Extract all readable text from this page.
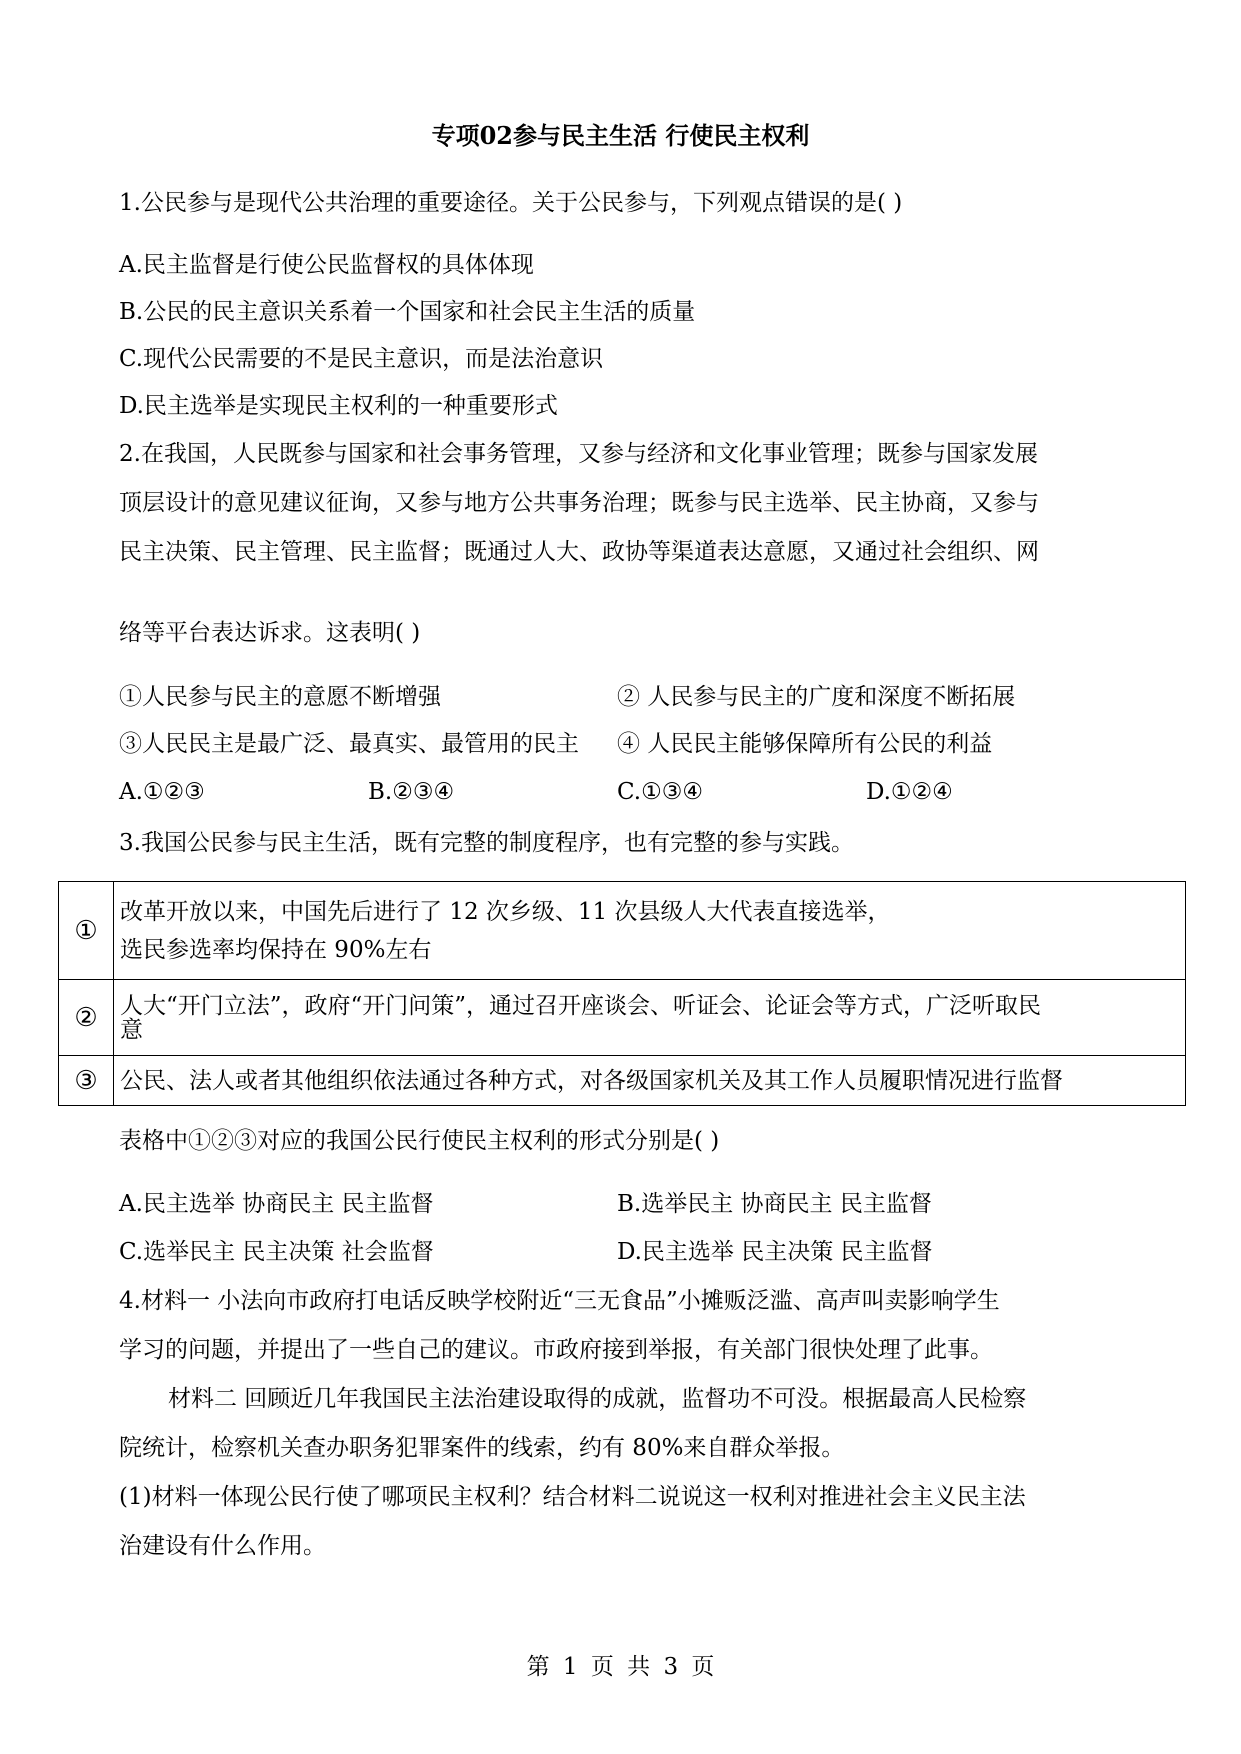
专项02参与民主生活 行使民主权利
1.公民参与是现代公共治理的重要途径。关于公民参与，下列观点错误的是( )
A.民主监督是行使公民监督权的具体体现
B.公民的民主意识关系着一个国家和社会民主生活的质量
C.现代公民需要的不是民主意识，而是法治意识
D.民主选举是实现民主权利的一种重要形式
2.在我国，人民既参与国家和社会事务管理，又参与经济和文化事业管理；既参与国家发展
顶层设计的意见建议征询，又参与地方公共事务治理；既参与民主选举、民主协商，又参与
民主决策、民主管理、民主监督；既通过人大、政协等渠道表达意愿，又通过社会组织、网
络等平台表达诉求。这表明( )
①人民参与民主的意愿不断增强	② 人民参与民主的广度和深度不断拓展
③人民民主是最广泛、最真实、最管用的民主 ④ 人民民主能够保障所有公民的利益
A.①②③	B.②③④	C.①③④	D.①②④
3.我国公民参与民主生活，既有完整的制度程序，也有完整的参与实践。
①	改革开放以来，中国先后进行了 12 次乡级、11 次县级人大代表直接选举，
选民参选率均保持在 90%左右

②	人大“开门立法”，政府“开门问策”，通过召开座谈会、听证会、论证会等方式，广泛听取民
意

③	公民、法人或者其他组织依法通过各种方式，对各级国家机关及其工作人员履职情况进行监督
表格中①②③对应的我国公民行使民主权利的形式分别是( )
A.民主选举 协商民主 民主监督	B.选举民主 协商民主 民主监督
C.选举民主 民主决策 社会监督	D.民主选举 民主决策 民主监督
4.材料一 小法向市政府打电话反映学校附近“三无食品”小摊贩泛滥、高声叫卖影响学生
学习的问题，并提出了一些自己的建议。市政府接到举报，有关部门很快处理了此事。
材料二 回顾近几年我国民主法治建设取得的成就，监督功不可没。根据最高人民检察
院统计，检察机关查办职务犯罪案件的线索，约有 80%来自群众举报。
(1)材料一体现公民行使了哪项民主权利？结合材料二说说这一权利对推进社会主义民主法
治建设有什么作用。
第 1 页 共 3 页
